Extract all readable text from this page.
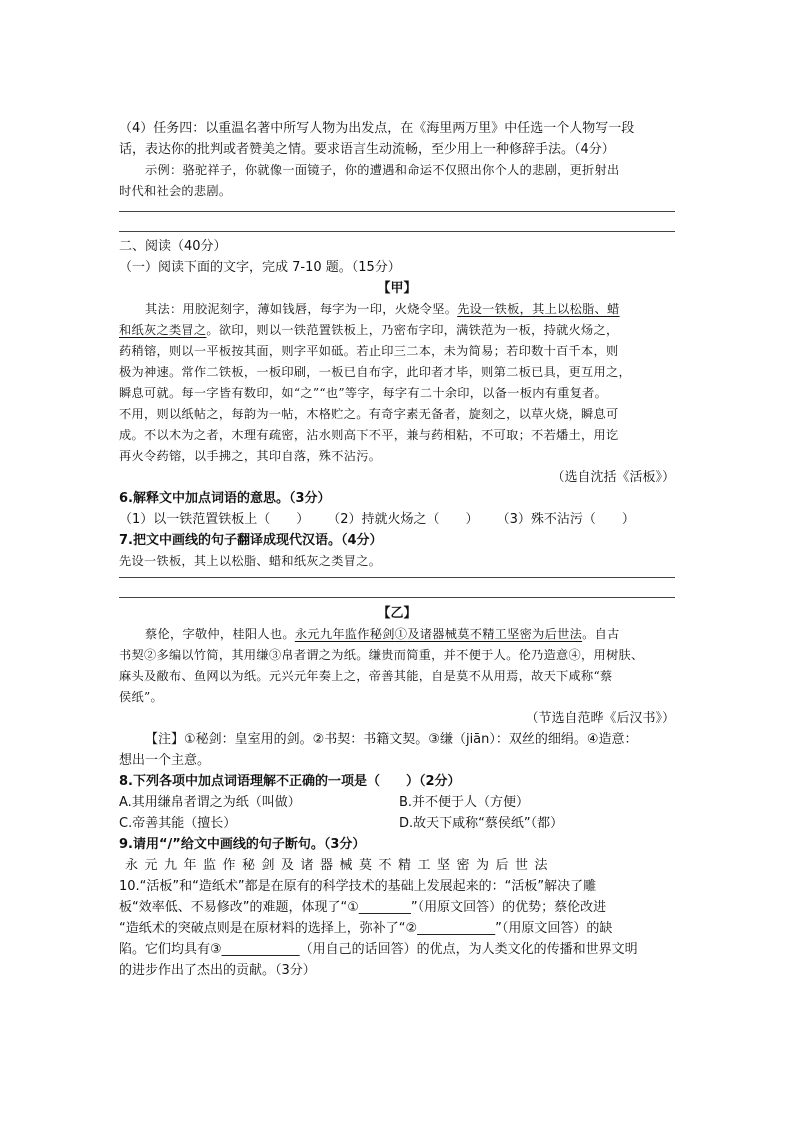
（4）任务四：以重温名著中所写人物为出发点，在《海里两万里》中任选一个人物写一段
话，表达你的批判或者赞美之情。要求语言生动流畅，至少用上一种修辞手法。（4分）
示例：骆驼祥子，你就像一面镜子，你的遭遇和命运不仅照出你个人的悲剧，更折射出
时代和社会的悲剧。
二、阅读（40分）
（一）阅读下面的文字，完成 7-10 题。（15分）
【甲】
其法：用胶泥刻字，薄如钱唇，每字为一印，火烧令坚。先设一铁板，其上以松脂、蜡
和纸灰之类冒之。欲印，则以一铁范置铁板上，乃密布字印，满铁范为一板，持就火炀之，
药稍镕，则以一平板按其面，则字平如砥。若止印三二本，未为简易；若印数十百千本，则
极为神速。常作二铁板，一板印刷，一板已自布字，此印者才毕，则第二板已具，更互用之，
瞬息可就。每一字皆有数印，如“之”“也”等字，每字有二十余印，以备一板内有重复者。
不用，则以纸帖之，每韵为一帖，木格贮之。有奇字素无备者，旋刻之，以草火烧，瞬息可
成。不以木为之者，木理有疏密，沾水则高下不平，兼与药相粘，不可取；不若燔土，用讫
再火令药镕，以手拂之，其印自落，殊不沾污。
（选自沈括《活板》）
6.解释文中加点词语的意思。（3分）
（1）以一铁范置铁板上（　　） （2）持就火炀之（　　） （3）殊不沾污（　　）
7.把文中画线的句子翻译成现代汉语。（4分）
先设一铁板，其上以松脂、蜡和纸灰之类冒之。
【乙】
蔡伦，字敬仲，桂阳人也。永元九年监作秘剑①及诸器械莫不精工坚密为后世法。自古
书契②多编以竹简，其用缣③帛者谓之为纸。缣贵而简重，并不便于人。伦乃造意④，用树肤、
麻头及敝布、鱼网以为纸。元兴元年奏上之，帝善其能，自是莫不从用焉，故天下咸称“蔡
侯纸”。
（节选自范晔《后汉书》）
【注】①秘剑：皇室用的剑。②书契：书籍文契。③缣（jiān）：双丝的细绢。④造意：
想出一个主意。
8.下列各项中加点词语理解不正确的一项是（　　）（2分）
A.其用缣帛者谓之为纸（叫做）	B.并不便于人（方便）
C.帝善其能（擅长）	D.故天下咸称“蔡侯纸”（都）
9.请用“/”给文中画线的句子断句。（3分）
永元九年监作秘剑及诸器械莫不精工坚密为后世法
10.“活板”和“造纸术”都是在原有的科学技术的基础上发展起来的：“活板”解决了雕
板“效率低、不易修改”的难题，体现了“①________”（用原文回答）的优势；蔡伦改进
“造纸术的突破点则是在原材料的选择上，弥补了“②____________”（用原文回答）的缺
陷。它们均具有③____________（用自己的话回答）的优点，为人类文化的传播和世界文明
的进步作出了杰出的贡献。（3分）
